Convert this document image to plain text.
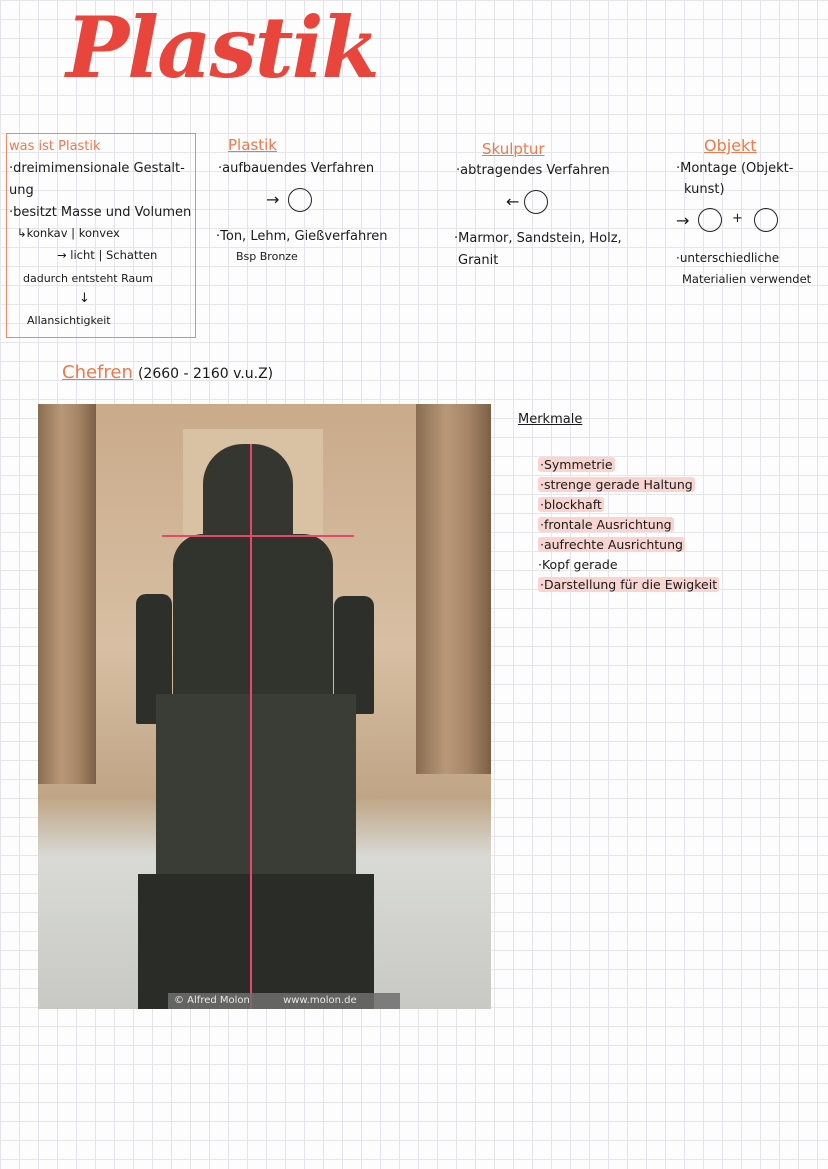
Plastik
was ist Plastik
·dreimimensionale Gestalt-
ung
·besitzt Masse und Volumen
↳konkav | konvex
→ licht | Schatten
dadurch entsteht Raum
↓
Allansichtigkeit
Plastik
·aufbauendes Verfahren
→
·Ton, Lehm, Gießverfahren
Bsp Bronze
Skulptur
·abtragendes Verfahren
←
·Marmor, Sandstein, Holz,
Granit
Objekt
·Montage (Objekt-
kunst)
→	+
·unterschiedliche
Materialien verwendet
Chefren (2660 - 2160 v.u.Z)
© Alfred Molon	www.molon.de
Merkmale
·Symmetrie
·strenge gerade Haltung
·blockhaft
·frontale Ausrichtung
·aufrechte Ausrichtung
·Kopf gerade
·Darstellung für die Ewigkeit
